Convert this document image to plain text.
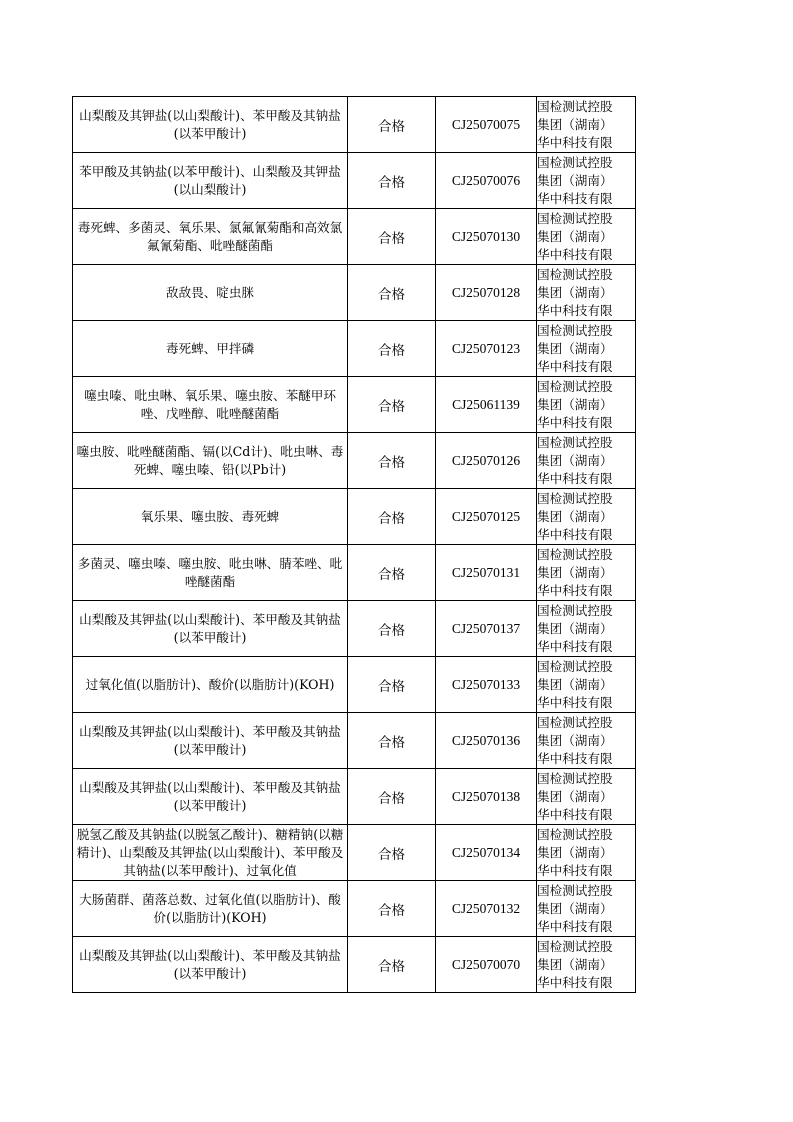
山梨酸及其钾盐(以山梨酸计)、苯甲酸及其钠盐(以苯甲酸计)	合格	CJ25070075	国检测试控股
集团（湖南）
华中科技有限
苯甲酸及其钠盐(以苯甲酸计)、山梨酸及其钾盐(以山梨酸计)	合格	CJ25070076	国检测试控股
集团（湖南）
华中科技有限
毒死蜱、多菌灵、氧乐果、氯氟氰菊酯和高效氯氟氰菊酯、吡唑醚菌酯	合格	CJ25070130	国检测试控股
集团（湖南）
华中科技有限
敌敌畏、啶虫脒	合格	CJ25070128	国检测试控股
集团（湖南）
华中科技有限
毒死蜱、甲拌磷	合格	CJ25070123	国检测试控股
集团（湖南）
华中科技有限
噻虫嗪、吡虫啉、氧乐果、噻虫胺、苯醚甲环唑、戊唑醇、吡唑醚菌酯	合格	CJ25061139	国检测试控股
集团（湖南）
华中科技有限
噻虫胺、吡唑醚菌酯、镉(以Cd计)、吡虫啉、毒死蜱、噻虫嗪、铅(以Pb计)	合格	CJ25070126	国检测试控股
集团（湖南）
华中科技有限
氧乐果、噻虫胺、毒死蜱	合格	CJ25070125	国检测试控股
集团（湖南）
华中科技有限
多菌灵、噻虫嗪、噻虫胺、吡虫啉、腈苯唑、吡唑醚菌酯	合格	CJ25070131	国检测试控股
集团（湖南）
华中科技有限
山梨酸及其钾盐(以山梨酸计)、苯甲酸及其钠盐(以苯甲酸计)	合格	CJ25070137	国检测试控股
集团（湖南）
华中科技有限
过氧化值(以脂肪计)、酸价(以脂肪计)(KOH)	合格	CJ25070133	国检测试控股
集团（湖南）
华中科技有限
山梨酸及其钾盐(以山梨酸计)、苯甲酸及其钠盐(以苯甲酸计)	合格	CJ25070136	国检测试控股
集团（湖南）
华中科技有限
山梨酸及其钾盐(以山梨酸计)、苯甲酸及其钠盐(以苯甲酸计)	合格	CJ25070138	国检测试控股
集团（湖南）
华中科技有限
脱氢乙酸及其钠盐(以脱氢乙酸计)、糖精钠(以糖精计)、山梨酸及其钾盐(以山梨酸计)、苯甲酸及其钠盐(以苯甲酸计)、过氧化值	合格	CJ25070134	国检测试控股
集团（湖南）
华中科技有限
大肠菌群、菌落总数、过氧化值(以脂肪计)、酸价(以脂肪计)(KOH)	合格	CJ25070132	国检测试控股
集团（湖南）
华中科技有限
山梨酸及其钾盐(以山梨酸计)、苯甲酸及其钠盐(以苯甲酸计)	合格	CJ25070070	国检测试控股
集团（湖南）
华中科技有限
